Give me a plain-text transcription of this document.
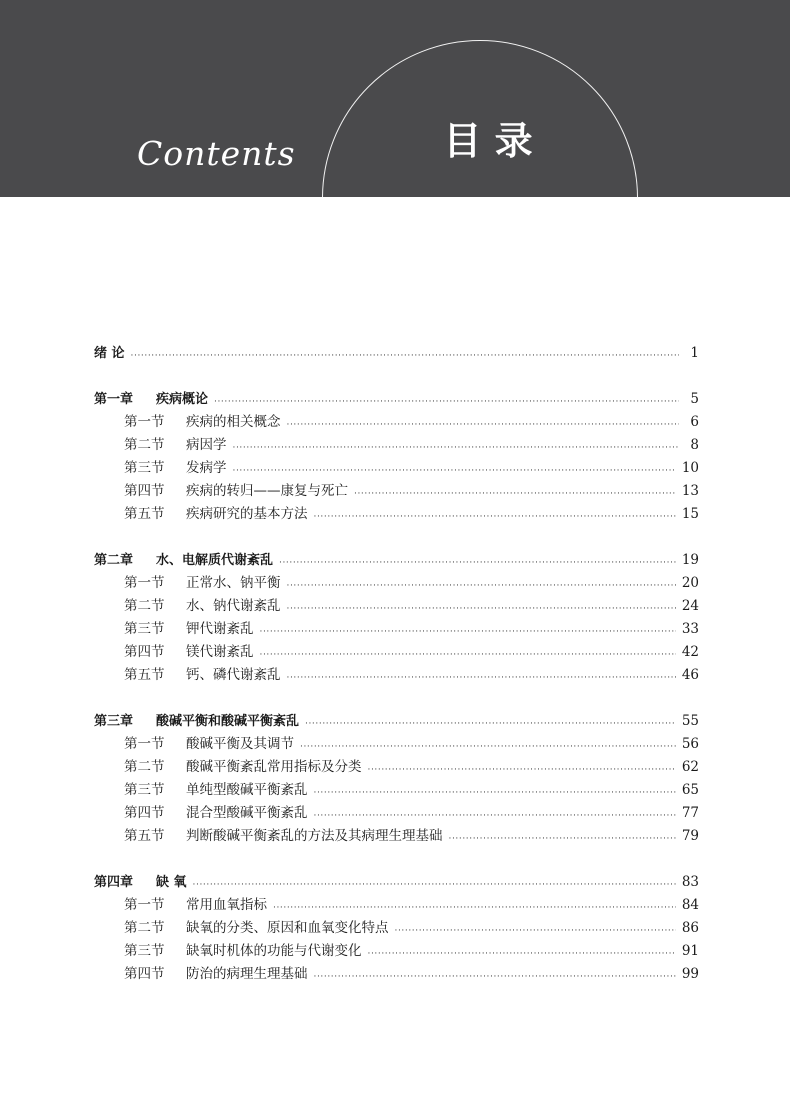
Contents	目 录
绪 论 ·····	1
第一章	疾病概论 ·····	5
第一节	疾病的相关概念 ·····	6
第二节	病因学 ·····	8
第三节	发病学 ·····	10
第四节	疾病的转归——康复与死亡 ·····	13
第五节	疾病研究的基本方法 ·····	15
第二章	水、电解质代谢紊乱 ·····	19
第一节	正常水、钠平衡 ·····	20
第二节	水、钠代谢紊乱 ·····	24
第三节	钾代谢紊乱 ·····	33
第四节	镁代谢紊乱 ·····	42
第五节	钙、磷代谢紊乱 ·····	46
第三章	酸碱平衡和酸碱平衡紊乱 ·····	55
第一节	酸碱平衡及其调节 ·····	56
第二节	酸碱平衡紊乱常用指标及分类 ·····	62
第三节	单纯型酸碱平衡紊乱 ·····	65
第四节	混合型酸碱平衡紊乱 ·····	77
第五节	判断酸碱平衡紊乱的方法及其病理生理基础 ·····	79
第四章	缺 氧 ·····	83
第一节	常用血氧指标 ·····	84
第二节	缺氧的分类、原因和血氧变化特点 ·····	86
第三节	缺氧时机体的功能与代谢变化 ·····	91
第四节	防治的病理生理基础 ·····	99
